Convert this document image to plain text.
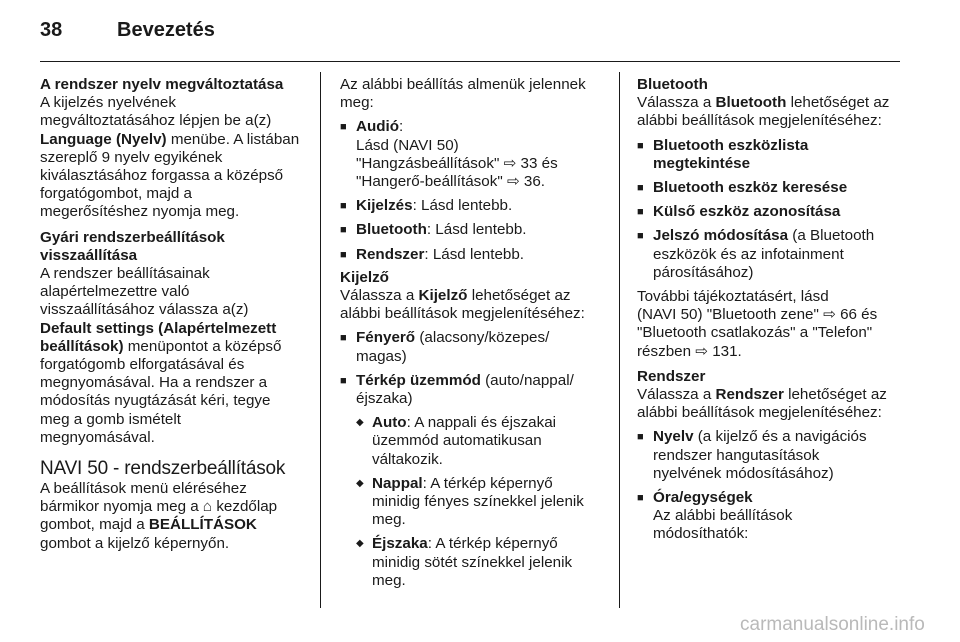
38	Bevezetés

A rendszer nyelv megváltoztatása

A kijelzés nyelvének
megváltoztatásához lépjen be a(z)
Language (Nyelv) menübe. A listában
szereplő 9 nyelv egyikének
kiválasztásához forgassa a középső
forgatógombot, majd a
megerősítéshez nyomja meg.

Gyári rendszerbeállítások
visszaállítása

A rendszer beállításainak
alapértelmezettre való
visszaállításához válassza a(z)
Default settings (Alapértelmezett
beállítások) menüpontot a középső
forgatógomb elforgatásával és
megnyomásával. Ha a rendszer a
módosítás nyugtázását kéri, tegye
meg a gomb ismételt
megnyomásával.

NAVI 50 - rendszerbeállítások

A beállítások menü eléréséhez
bármikor nyomja meg a ⌂ kezdőlap
gombot, majd a BEÁLLÍTÁSOK
gombot a kijelző képernyőn.

Az alábbi beállítás almenük jelennek
meg:

■ Audió:
Lásd (NAVI 50)
"Hangzásbeállítások" ⇨ 33 és
"Hangerő-beállítások" ⇨ 36.

■ Kijelzés: Lásd lentebb.

■ Bluetooth: Lásd lentebb.

■ Rendszer: Lásd lentebb.

Kijelző

Válassza a Kijelző lehetőséget az
alábbi beállítások megjelenítéséhez:

■ Fényerő (alacsony/közepes/
magas)

■ Térkép üzemmód (auto/nappal/
éjszaka)

◆ Auto: A nappali és éjszakai
üzemmód automatikusan
váltakozik.

◆ Nappal: A térkép képernyő
minidig fényes színekkel jelenik
meg.

◆ Éjszaka: A térkép képernyő
minidig sötét színekkel jelenik
meg.

Bluetooth

Válassza a Bluetooth lehetőséget az
alábbi beállítások megjelenítéséhez:

■ Bluetooth eszközlista
megtekintése

■ Bluetooth eszköz keresése

■ Külső eszköz azonosítása

■ Jelszó módosítása (a Bluetooth
eszközök és az infotainment
párosításához)

További tájékoztatásért, lásd
(NAVI 50) "Bluetooth zene" ⇨ 66 és
"Bluetooth csatlakozás" a "Telefon"
részben ⇨ 131.

Rendszer

Válassza a Rendszer lehetőséget az
alábbi beállítások megjelenítéséhez:

■ Nyelv (a kijelző és a navigációs
rendszer hangutasítások
nyelvének módosításához)

■ Óra/egységek
Az alábbi beállítások
módosíthatók:

carmanualsonline.info
